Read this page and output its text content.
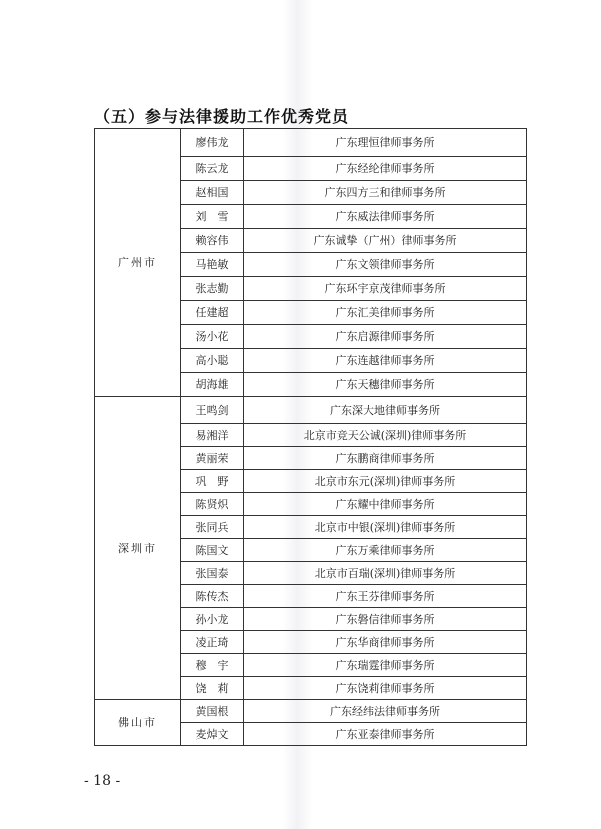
（五）参与法律援助工作优秀党员
广州市	廖伟龙	广东理恒律师事务所
	陈云龙	广东经纶律师事务所
	赵相国	广东四方三和律师事务所
	刘　雪	广东威法律师事务所
	赖容伟	广东诚挚（广州）律师事务所
	马艳敏	广东文领律师事务所
	张志勤	广东环宇京茂律师事务所
	任建超	广东汇美律师事务所
	汤小花	广东启源律师事务所
	高小聪	广东连越律师事务所
	胡海雄	广东天穗律师事务所
深圳市	王鸣剑	广东深大地律师事务所
	易湘洋	北京市竞天公诚(深圳)律师事务所
	黄丽荣	广东鹏商律师事务所
	巩　野	北京市东元(深圳)律师事务所
	陈贤炽	广东耀中律师事务所
	张同兵	北京市中银(深圳)律师事务所
	陈国文	广东万乘律师事务所
	张国泰	北京市百瑞(深圳)律师事务所
	陈传杰	广东王芬律师事务所
	孙小龙	广东磐信律师事务所
	凌正琦	广东华商律师事务所
	穆　宇	广东瑞霆律师事务所
	饶　莉	广东饶莉律师事务所
佛山市	黄国根	广东经纬法律师事务所
	麦焯文	广东亚泰律师事务所
- 18 -
